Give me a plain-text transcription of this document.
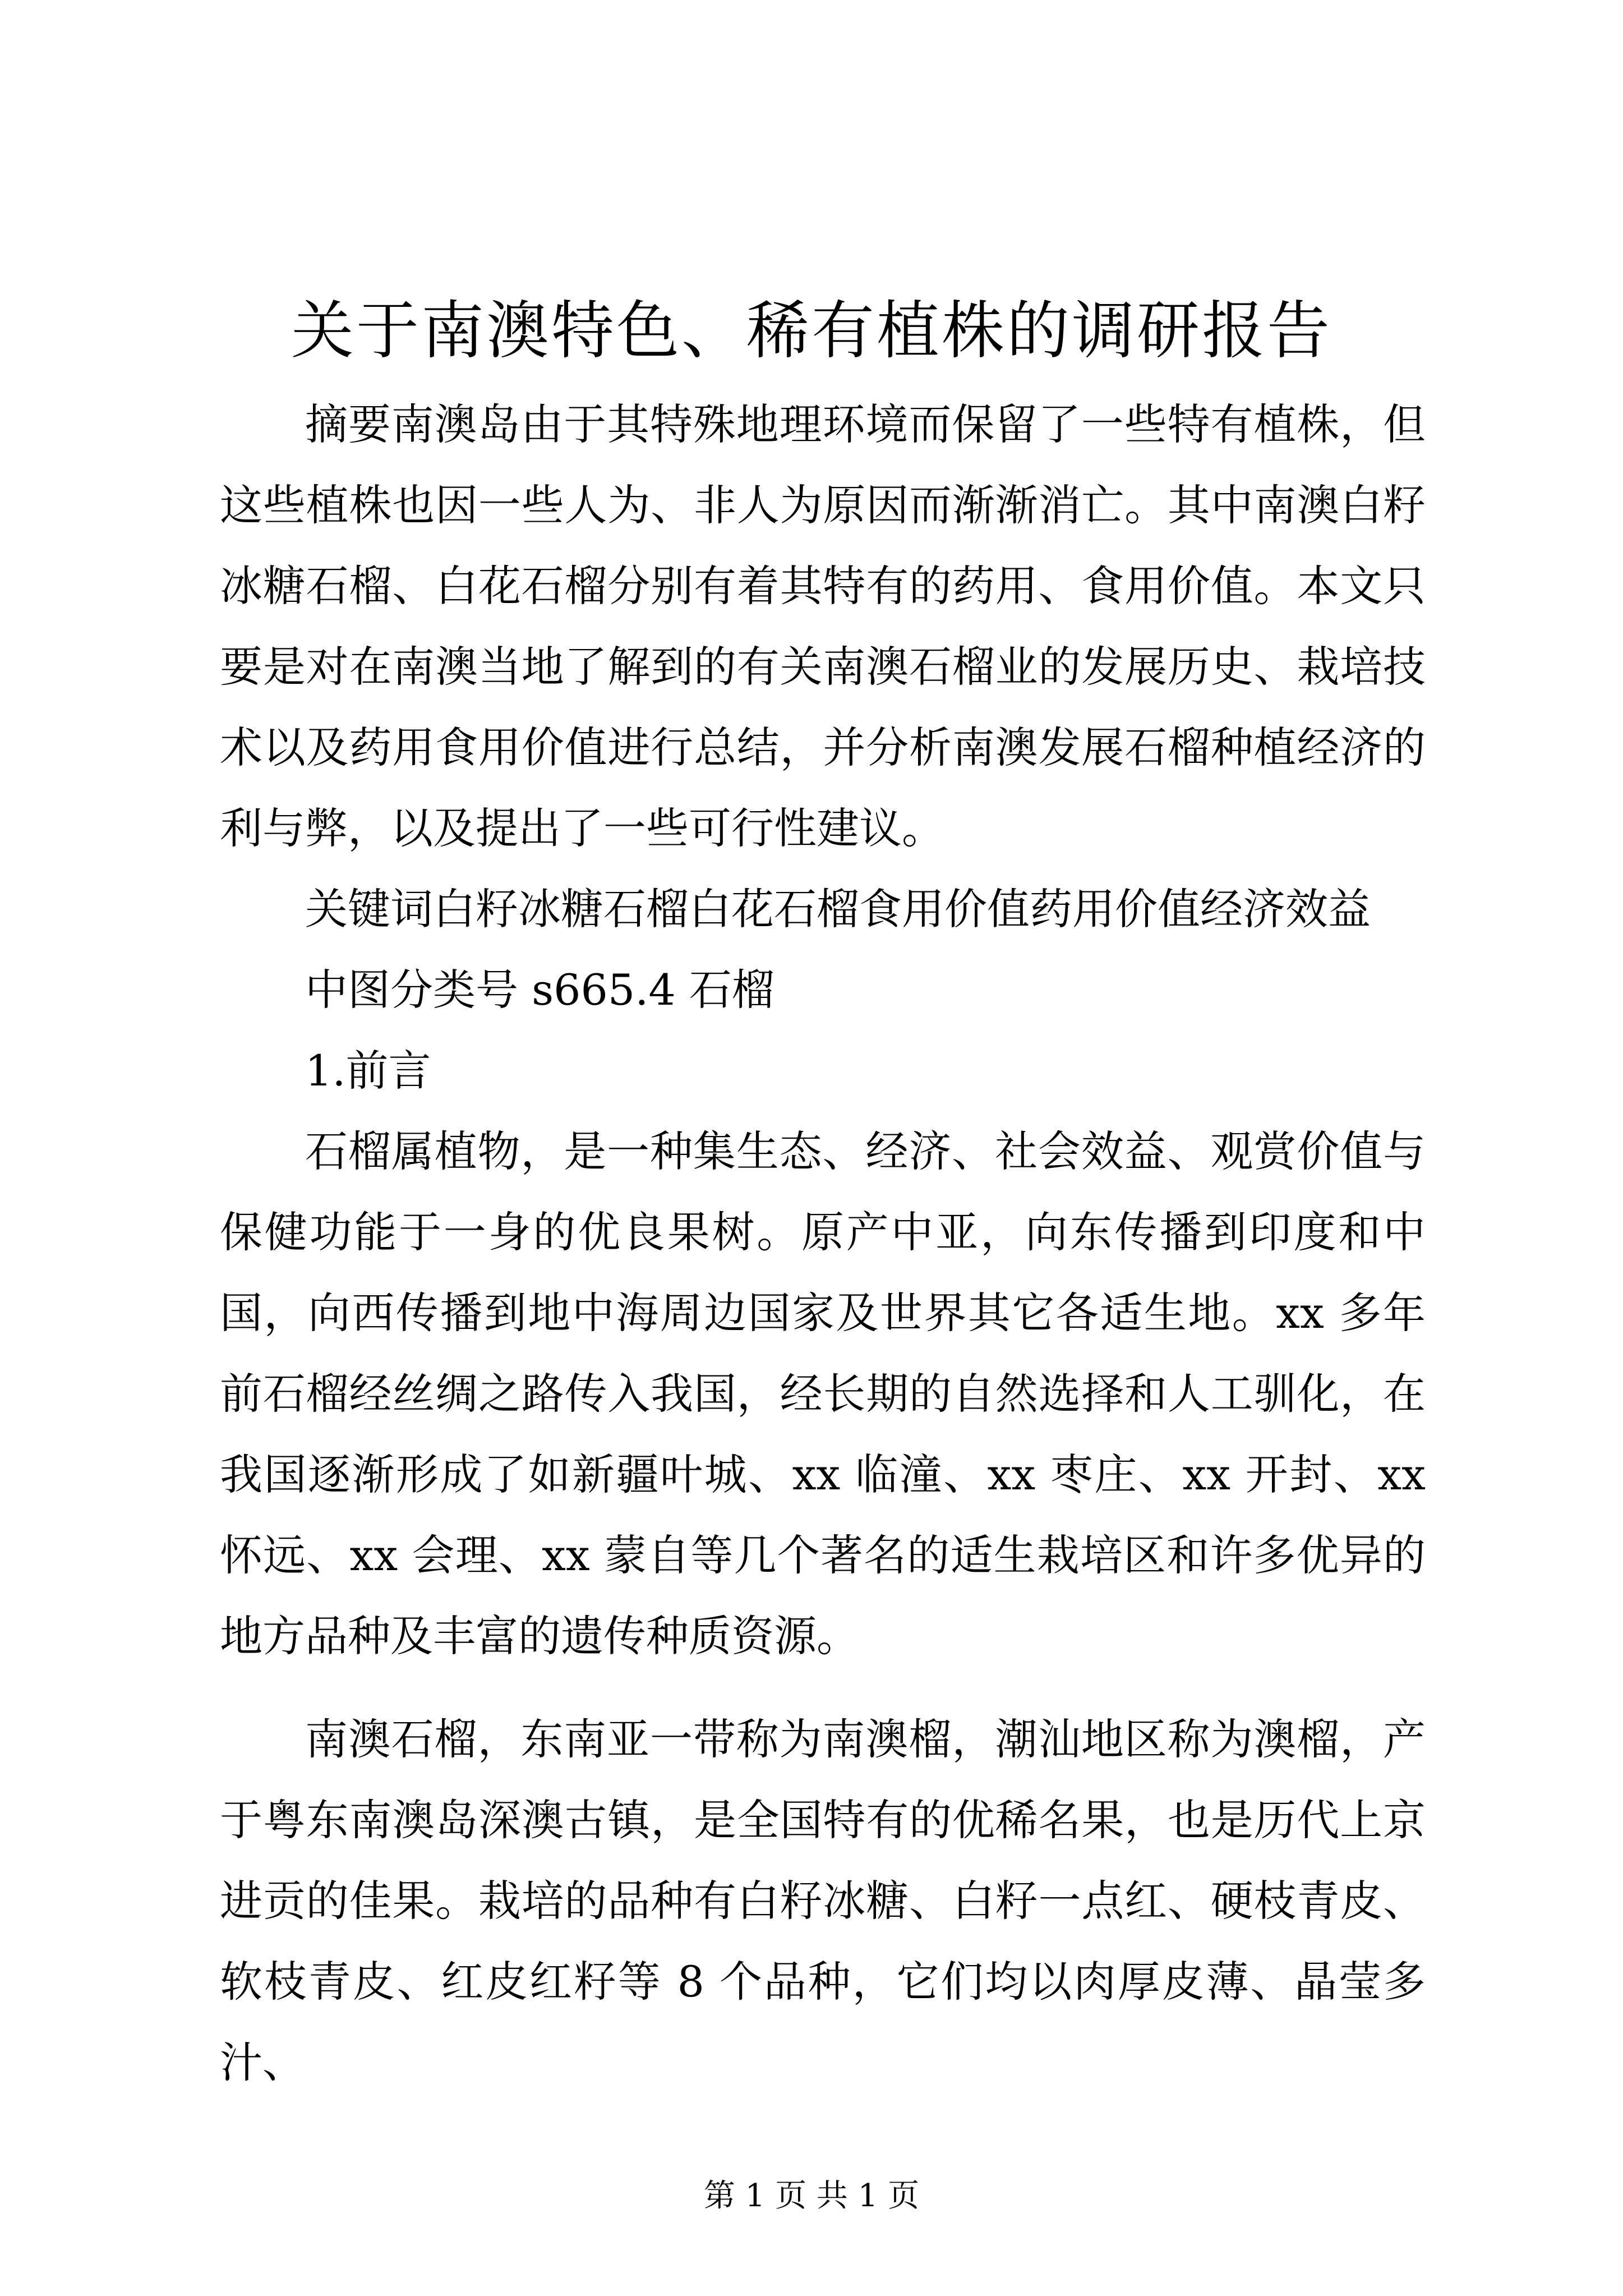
关于南澳特色、稀有植株的调研报告

摘要南澳岛由于其特殊地理环境而保留了一些特有植株，但这些植株也因一些人为、非人为原因而渐渐消亡。其中南澳白籽冰糖石榴、白花石榴分别有着其特有的药用、食用价值。本文只要是对在南澳当地了解到的有关南澳石榴业的发展历史、栽培技术以及药用食用价值进行总结，并分析南澳发展石榴种植经济的利与弊，以及提出了一些可行性建议。

关键词白籽冰糖石榴白花石榴食用价值药用价值经济效益

中图分类号 s665.4 石榴

1.前言

石榴属植物，是一种集生态、经济、社会效益、观赏价值与保健功能于一身的优良果树。原产中亚，向东传播到印度和中国，向西传播到地中海周边国家及世界其它各适生地。xx 多年前石榴经丝绸之路传入我国，经长期的自然选择和人工驯化，在我国逐渐形成了如新疆叶城、xx 临潼、xx 枣庄、xx 开封、xx 怀远、xx 会理、xx 蒙自等几个著名的适生栽培区和许多优异的地方品种及丰富的遗传种质资源。

南澳石榴，东南亚一带称为南澳榴，潮汕地区称为澳榴，产于粤东南澳岛深澳古镇，是全国特有的优稀名果，也是历代上京进贡的佳果。栽培的品种有白籽冰糖、白籽一点红、硬枝青皮、软枝青皮、红皮红籽等 8 个品种，它们均以肉厚皮薄、晶莹多汁、

第 1 页 共 1 页
